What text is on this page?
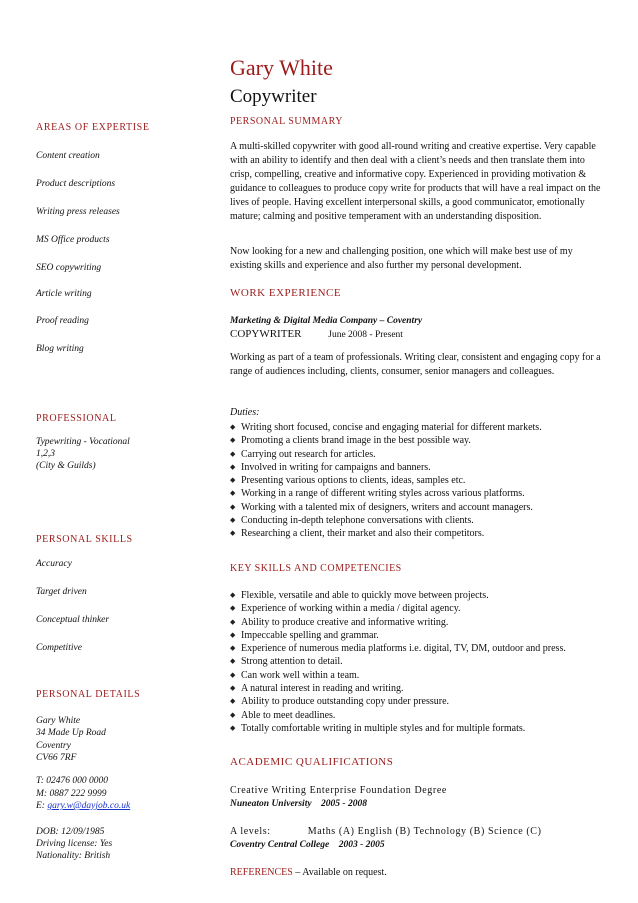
Gary White
Copywriter
AREAS OF EXPERTISE
Content creation
Product descriptions
Writing press releases
MS Office products
SEO copywriting
Article writing
Proof reading
Blog writing
PROFESSIONAL
Typewriting - Vocational
1,2,3
(City & Guilds)
PERSONAL SKILLS
Accuracy
Target driven
Conceptual thinker
Competitive
PERSONAL DETAILS
Gary White
34 Made Up Road
Coventry
CV66 7RF
T: 02476 000 0000
M: 0887 222 9999
E: gary.w@dayjob.co.uk
DOB: 12/09/1985
Driving license: Yes
Nationality: British
PERSONAL SUMMARY
A multi-skilled copywriter with good all-round writing and creative expertise. Very capable with an ability to identify and then deal with a client’s needs and then translate them into crisp, compelling, creative and informative copy. Experienced in providing motivation & guidance to colleagues to produce copy write for products that will have a real impact on the lives of people. Having excellent interpersonal skills, a good communicator, emotionally mature; calming and positive temperament with an understanding disposition.
Now looking for a new and challenging position, one which will make best use of my existing skills and experience and also further my personal development.
WORK EXPERIENCE
Marketing & Digital Media Company – Coventry
COPYWRITER	June 2008 - Present
Working as part of a team of professionals. Writing clear, consistent and engaging copy for a range of audiences including, clients, consumer, senior managers and colleagues.
Duties:
◆ Writing short focused, concise and engaging material for different markets.
◆ Promoting a clients brand image in the best possible way.
◆ Carrying out research for articles.
◆ Involved in writing for campaigns and banners.
◆ Presenting various options to clients, ideas, samples etc.
◆ Working in a range of different writing styles across various platforms.
◆ Working with a talented mix of designers, writers and account managers.
◆ Conducting in-depth telephone conversations with clients.
◆ Researching a client, their market and also their competitors.
KEY SKILLS AND COMPETENCIES
◆ Flexible, versatile and able to quickly move between projects.
◆ Experience of working within a media / digital agency.
◆ Ability to produce creative and informative writing.
◆ Impeccable spelling and grammar.
◆ Experience of numerous media platforms i.e. digital, TV, DM, outdoor and press.
◆ Strong attention to detail.
◆ Can work well within a team.
◆ A natural interest in reading and writing.
◆ Ability to produce outstanding copy under pressure.
◆ Able to meet deadlines.
◆ Totally comfortable writing in multiple styles and for multiple formats.
ACADEMIC QUALIFICATIONS
Creative Writing Enterprise Foundation Degree
Nuneaton University    2005 - 2008
A levels:	Maths (A) English (B) Technology (B) Science (C)
Coventry Central College    2003 - 2005
REFERENCES – Available on request.
